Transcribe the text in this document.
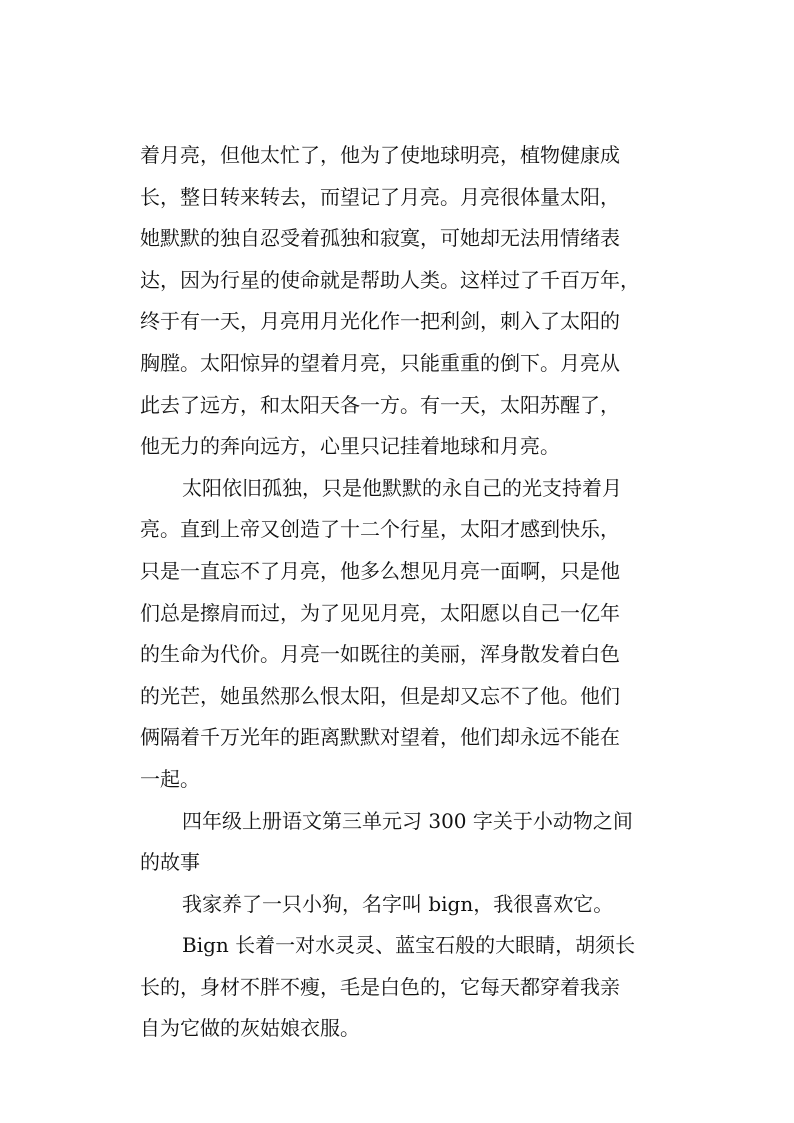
着月亮，但他太忙了，他为了使地球明亮，植物健康成
长，整日转来转去，而望记了月亮。月亮很体量太阳，
她默默的独自忍受着孤独和寂寞，可她却无法用情绪表
达，因为行星的使命就是帮助人类。这样过了千百万年，
终于有一天，月亮用月光化作一把利剑，刺入了太阳的
胸膛。太阳惊异的望着月亮，只能重重的倒下。月亮从
此去了远方，和太阳天各一方。有一天，太阳苏醒了，
他无力的奔向远方，心里只记挂着地球和月亮。

太阳依旧孤独，只是他默默的永自己的光支持着月
亮。直到上帝又创造了十二个行星，太阳才感到快乐，
只是一直忘不了月亮，他多么想见月亮一面啊，只是他
们总是擦肩而过，为了见见月亮，太阳愿以自己一亿年
的生命为代价。月亮一如既往的美丽，浑身散发着白色
的光芒，她虽然那么恨太阳，但是却又忘不了他。他们
俩隔着千万光年的距离默默对望着，他们却永远不能在
一起。

四年级上册语文第三单元习 300 字关于小动物之间
的故事

我家养了一只小狗，名字叫 bign，我很喜欢它。

Bign 长着一对水灵灵、蓝宝石般的大眼睛，胡须长
长的，身材不胖不瘦，毛是白色的，它每天都穿着我亲
自为它做的灰姑娘衣服。
